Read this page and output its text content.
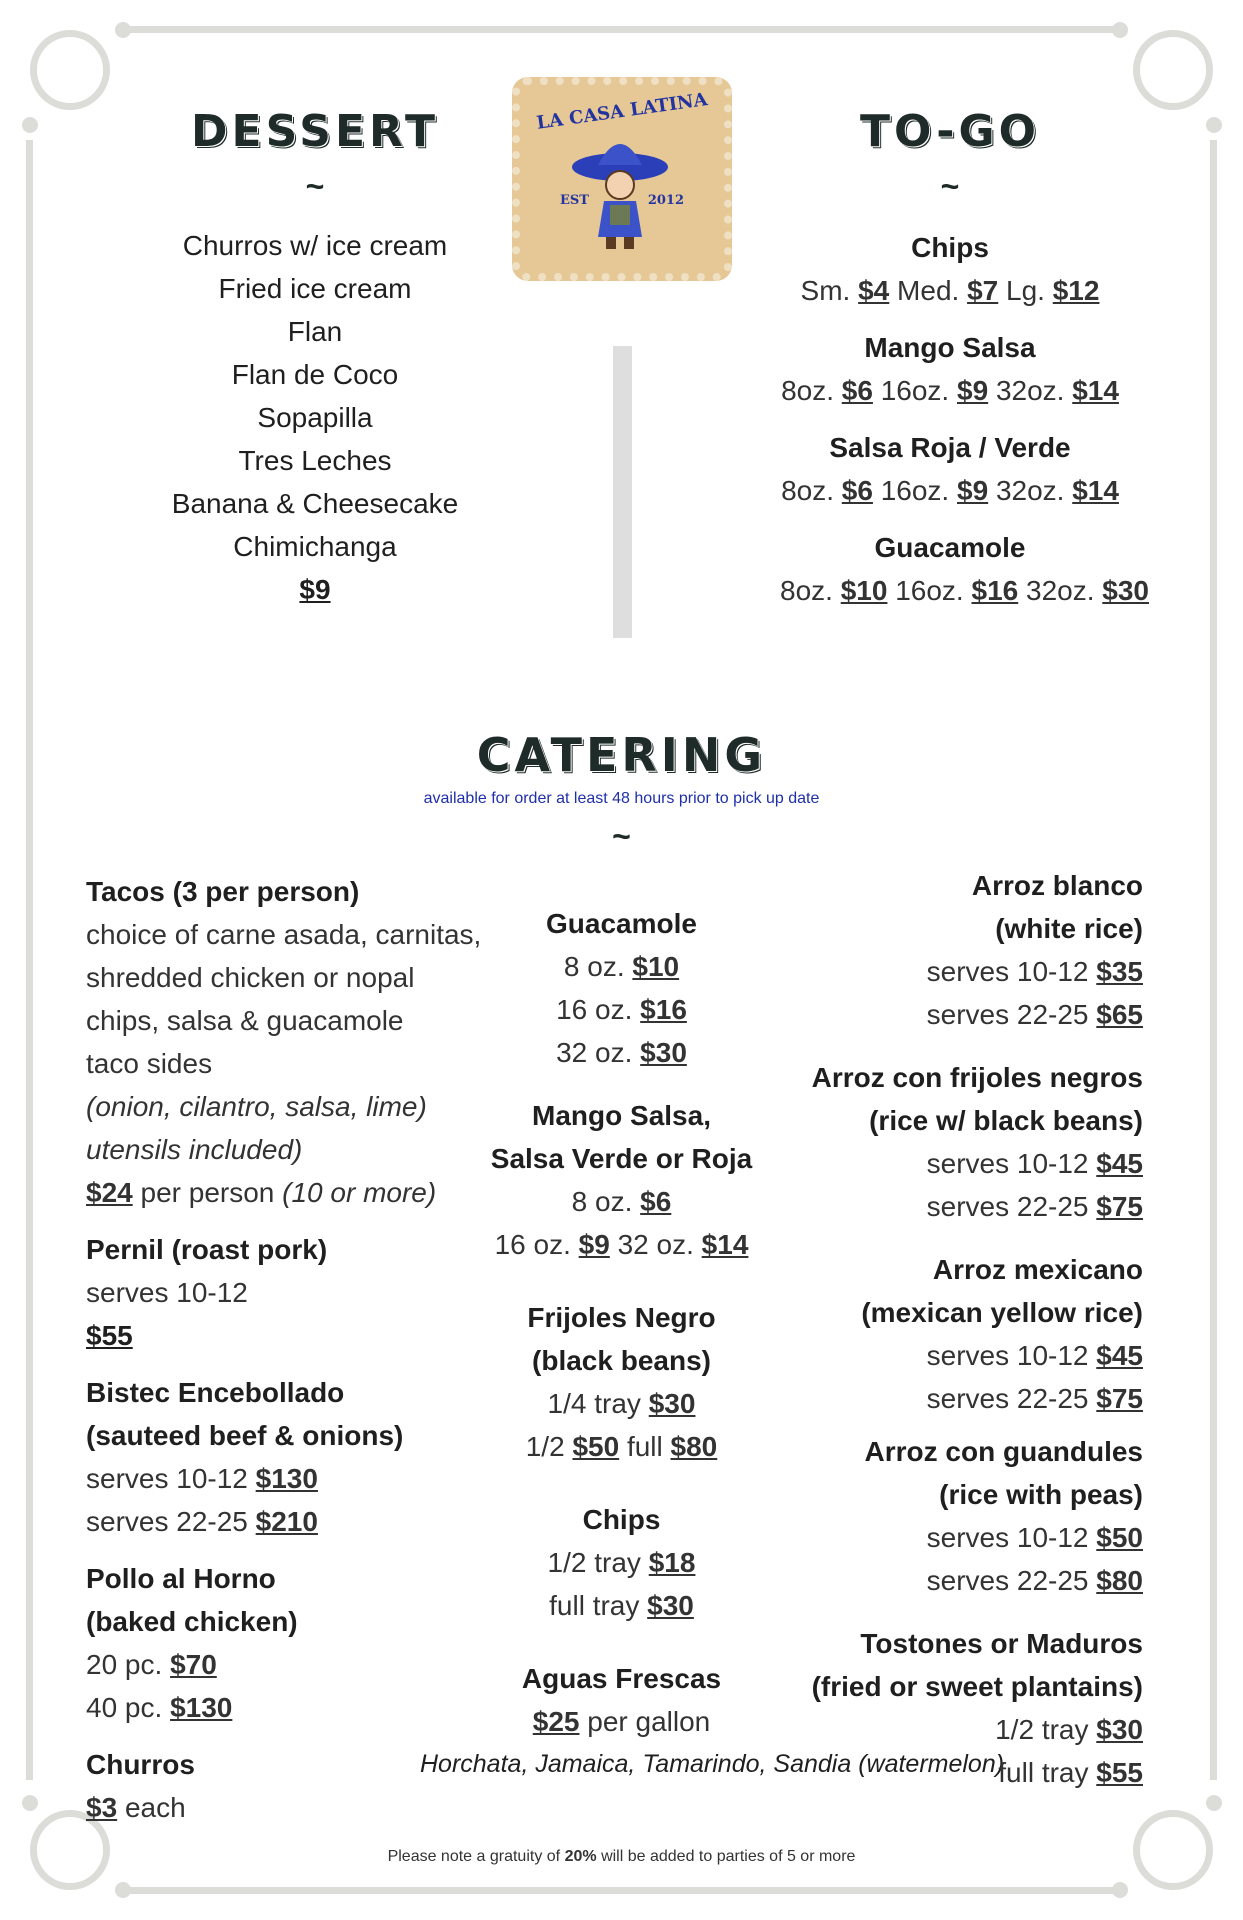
LA CASA LATINA
EST	2012
DESSERT
~
Churros w/ ice cream
Fried ice cream
Flan
Flan de Coco
Sopapilla
Tres Leches
Banana & Cheesecake
Chimichanga
$9
TO-GO
~
Chips
Sm. $4 Med. $7 Lg. $12
Mango Salsa
8oz. $6 16oz. $9 32oz. $14
Salsa Roja / Verde
8oz. $6 16oz. $9 32oz. $14
Guacamole
8oz. $10 16oz. $16 32oz. $30
CATERING
available for order at least 48 hours prior to pick up date
~
Tacos (3 per person)
choice of carne asada, carnitas,
shredded chicken or nopal
chips, salsa & guacamole
taco sides
(onion, cilantro, salsa, lime)
utensils included)
$24 per person (10 or more)
Pernil (roast pork)
serves 10-12
$55
Bistec Encebollado
(sauteed beef & onions)
serves 10-12 $130
serves 22-25 $210
Pollo al Horno
(baked chicken)
20 pc. $70
40 pc. $130
Churros
$3 each
Guacamole
8 oz. $10
16 oz. $16
32 oz. $30
Mango Salsa,
Salsa Verde or Roja
8 oz. $6
16 oz. $9 32 oz. $14
Frijoles Negro
(black beans)
1/4 tray $30
1/2 $50 full $80
Chips
1/2 tray $18
full tray $30
Aguas Frescas
$25 per gallon
Horchata, Jamaica, Tamarindo, Sandia (watermelon)
Arroz blanco
(white rice)
serves 10-12 $35
serves 22-25 $65
Arroz con frijoles negros
(rice w/ black beans)
serves 10-12 $45
serves 22-25 $75
Arroz mexicano
(mexican yellow rice)
serves 10-12 $45
serves 22-25 $75
Arroz con guandules
(rice with peas)
serves 10-12 $50
serves 22-25 $80
Tostones or Maduros
(fried or sweet plantains)
1/2 tray $30
full tray $55
Please note a gratuity of 20% will be added to parties of 5 or more
